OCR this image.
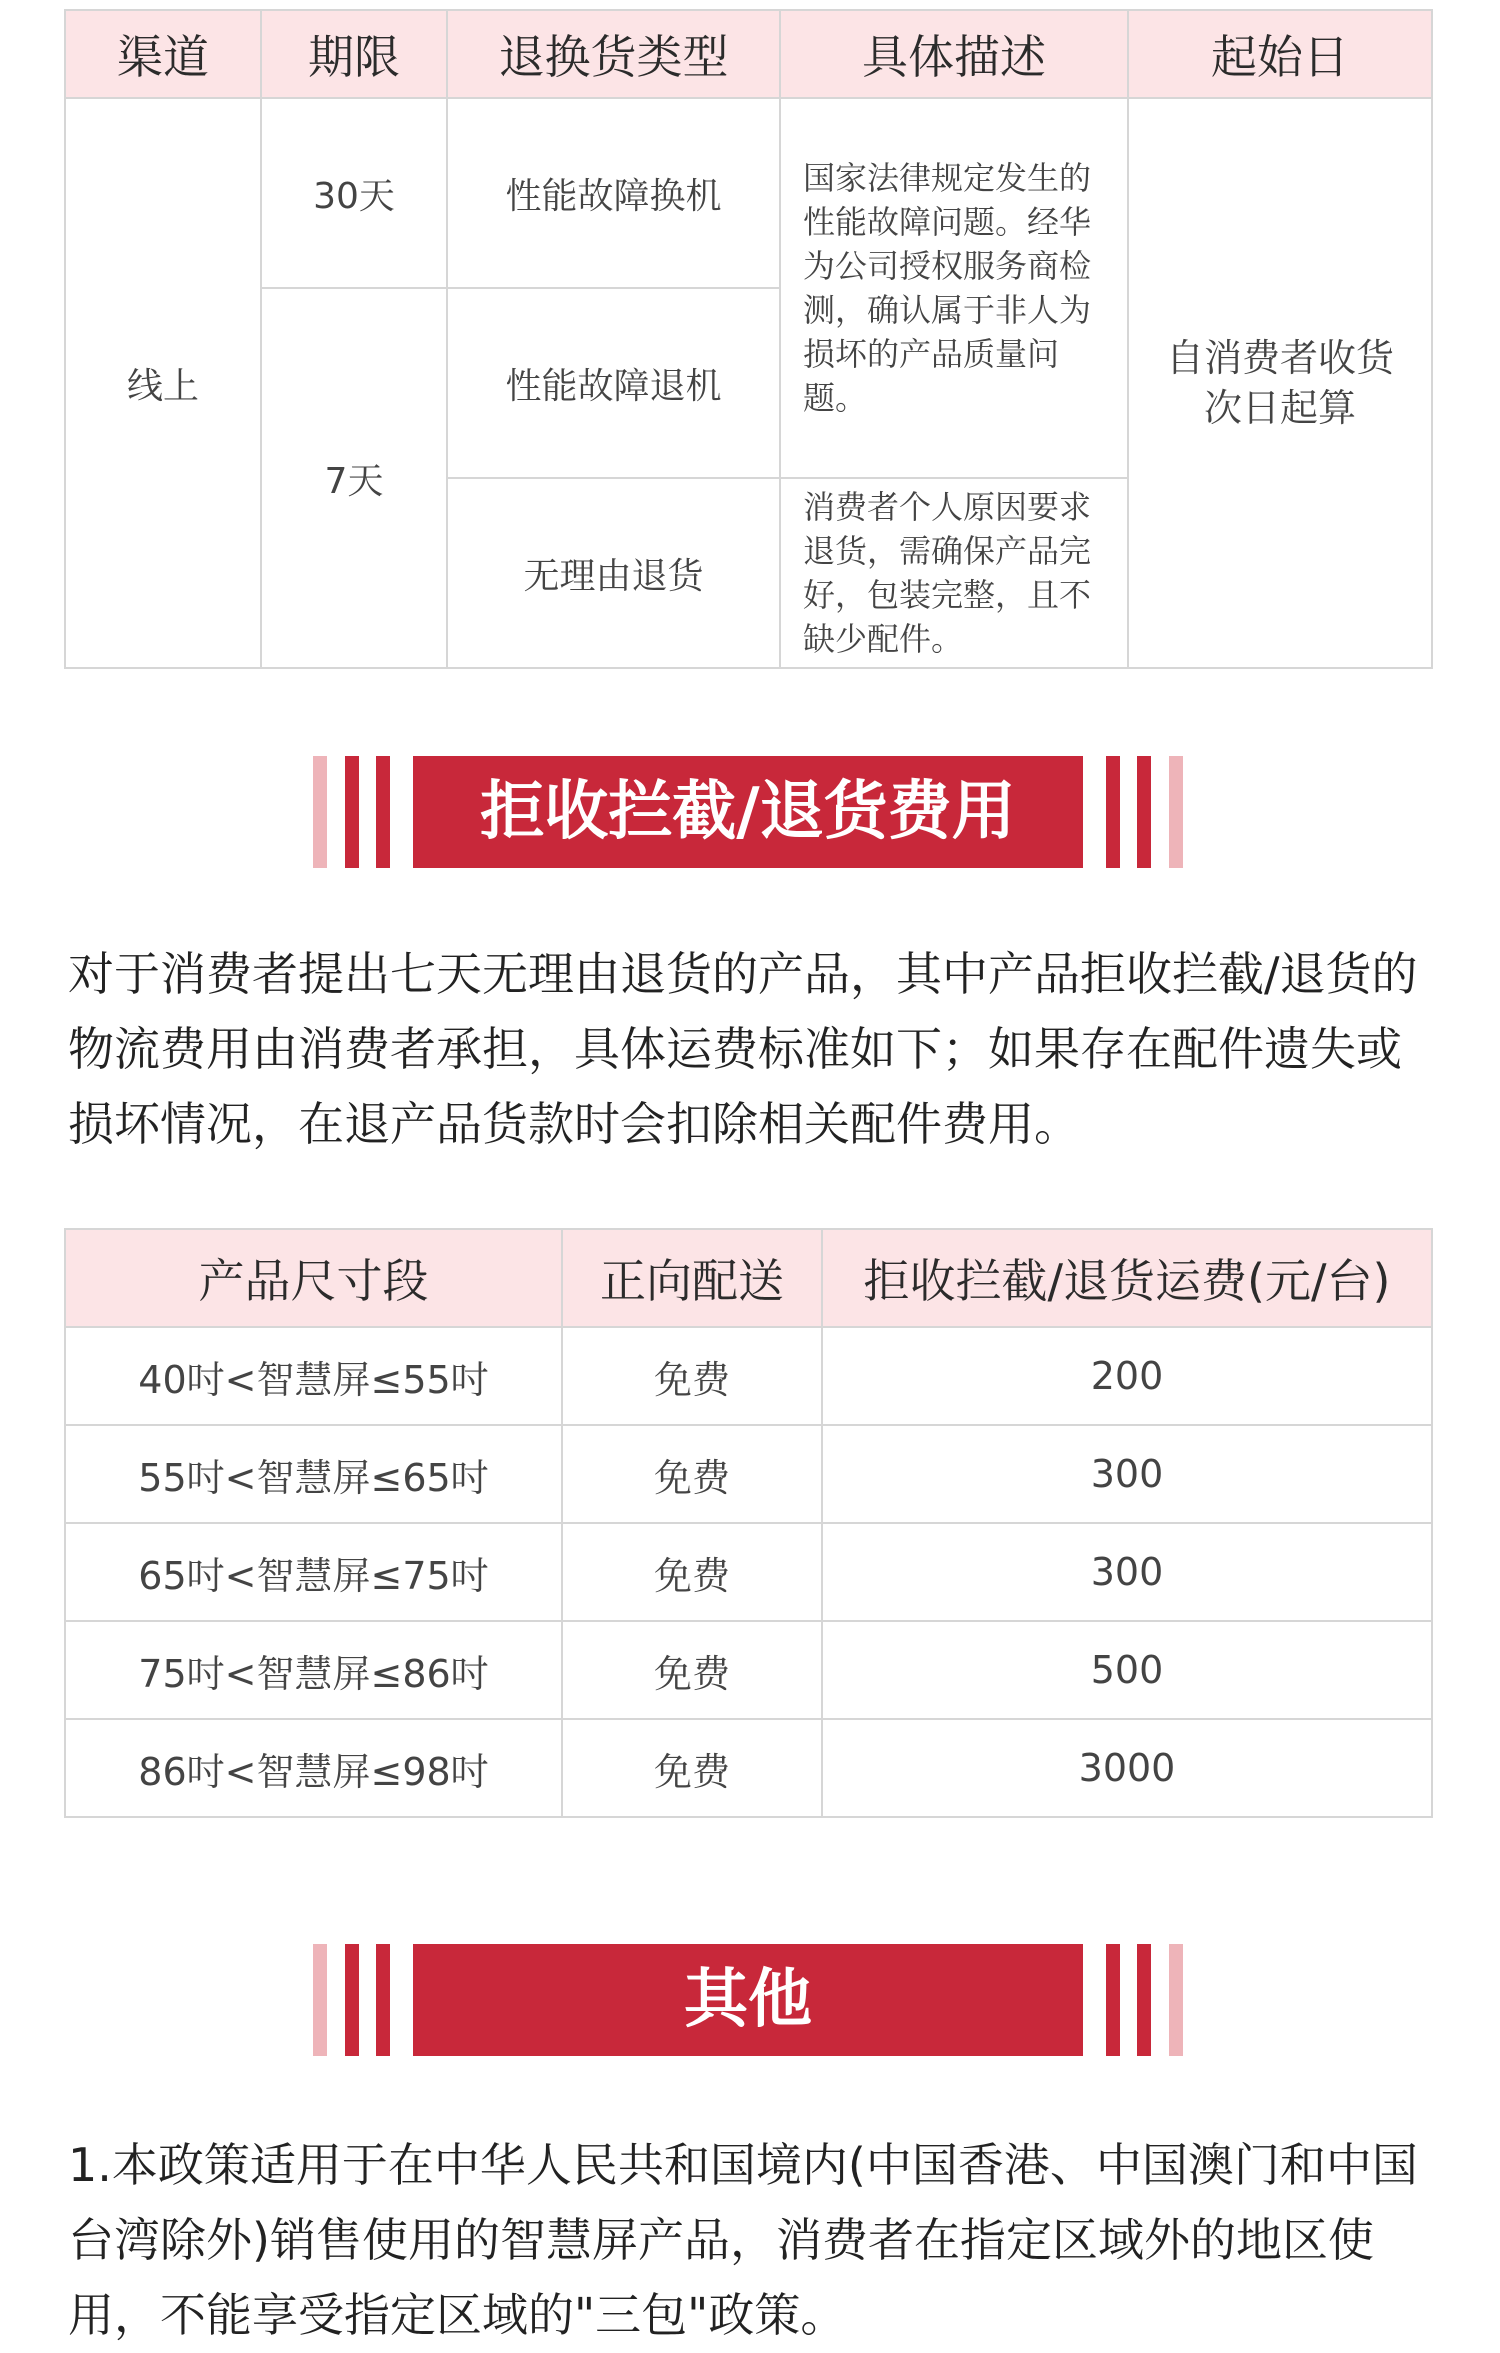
渠道	期限	退换货类型	具体描述	起始日
线上	30天	性能故障换机	国家法律规定发生的性能故障问题。经华为公司授权服务商检测，确认属于非人为损坏的产品质量问题。	自消费者收货次日起算

	7天	性能故障退机		
		无理由退货	消费者个人原因要求退货，需确保产品完好，包装完整，且不缺少配件。	
拒收拦截/退货费用
对于消费者提出七天无理由退货的产品，其中产品拒收拦截/退货的物流费用由消费者承担，具体运费标准如下；如果存在配件遗失或损坏情况，在退产品货款时会扣除相关配件费用。
产品尺寸段	正向配送	拒收拦截/退货运费(元/台)
40吋<智慧屏≤55吋	免费	200
55吋<智慧屏≤65吋	免费	300
65吋<智慧屏≤75吋	免费	300
75吋<智慧屏≤86吋	免费	500
86吋<智慧屏≤98吋	免费	3000
其他
1.本政策适用于在中华人民共和国境内(中国香港、中国澳门和中国台湾除外)销售使用的智慧屏产品，消费者在指定区域外的地区使用，不能享受指定区域的"三包"政策。
